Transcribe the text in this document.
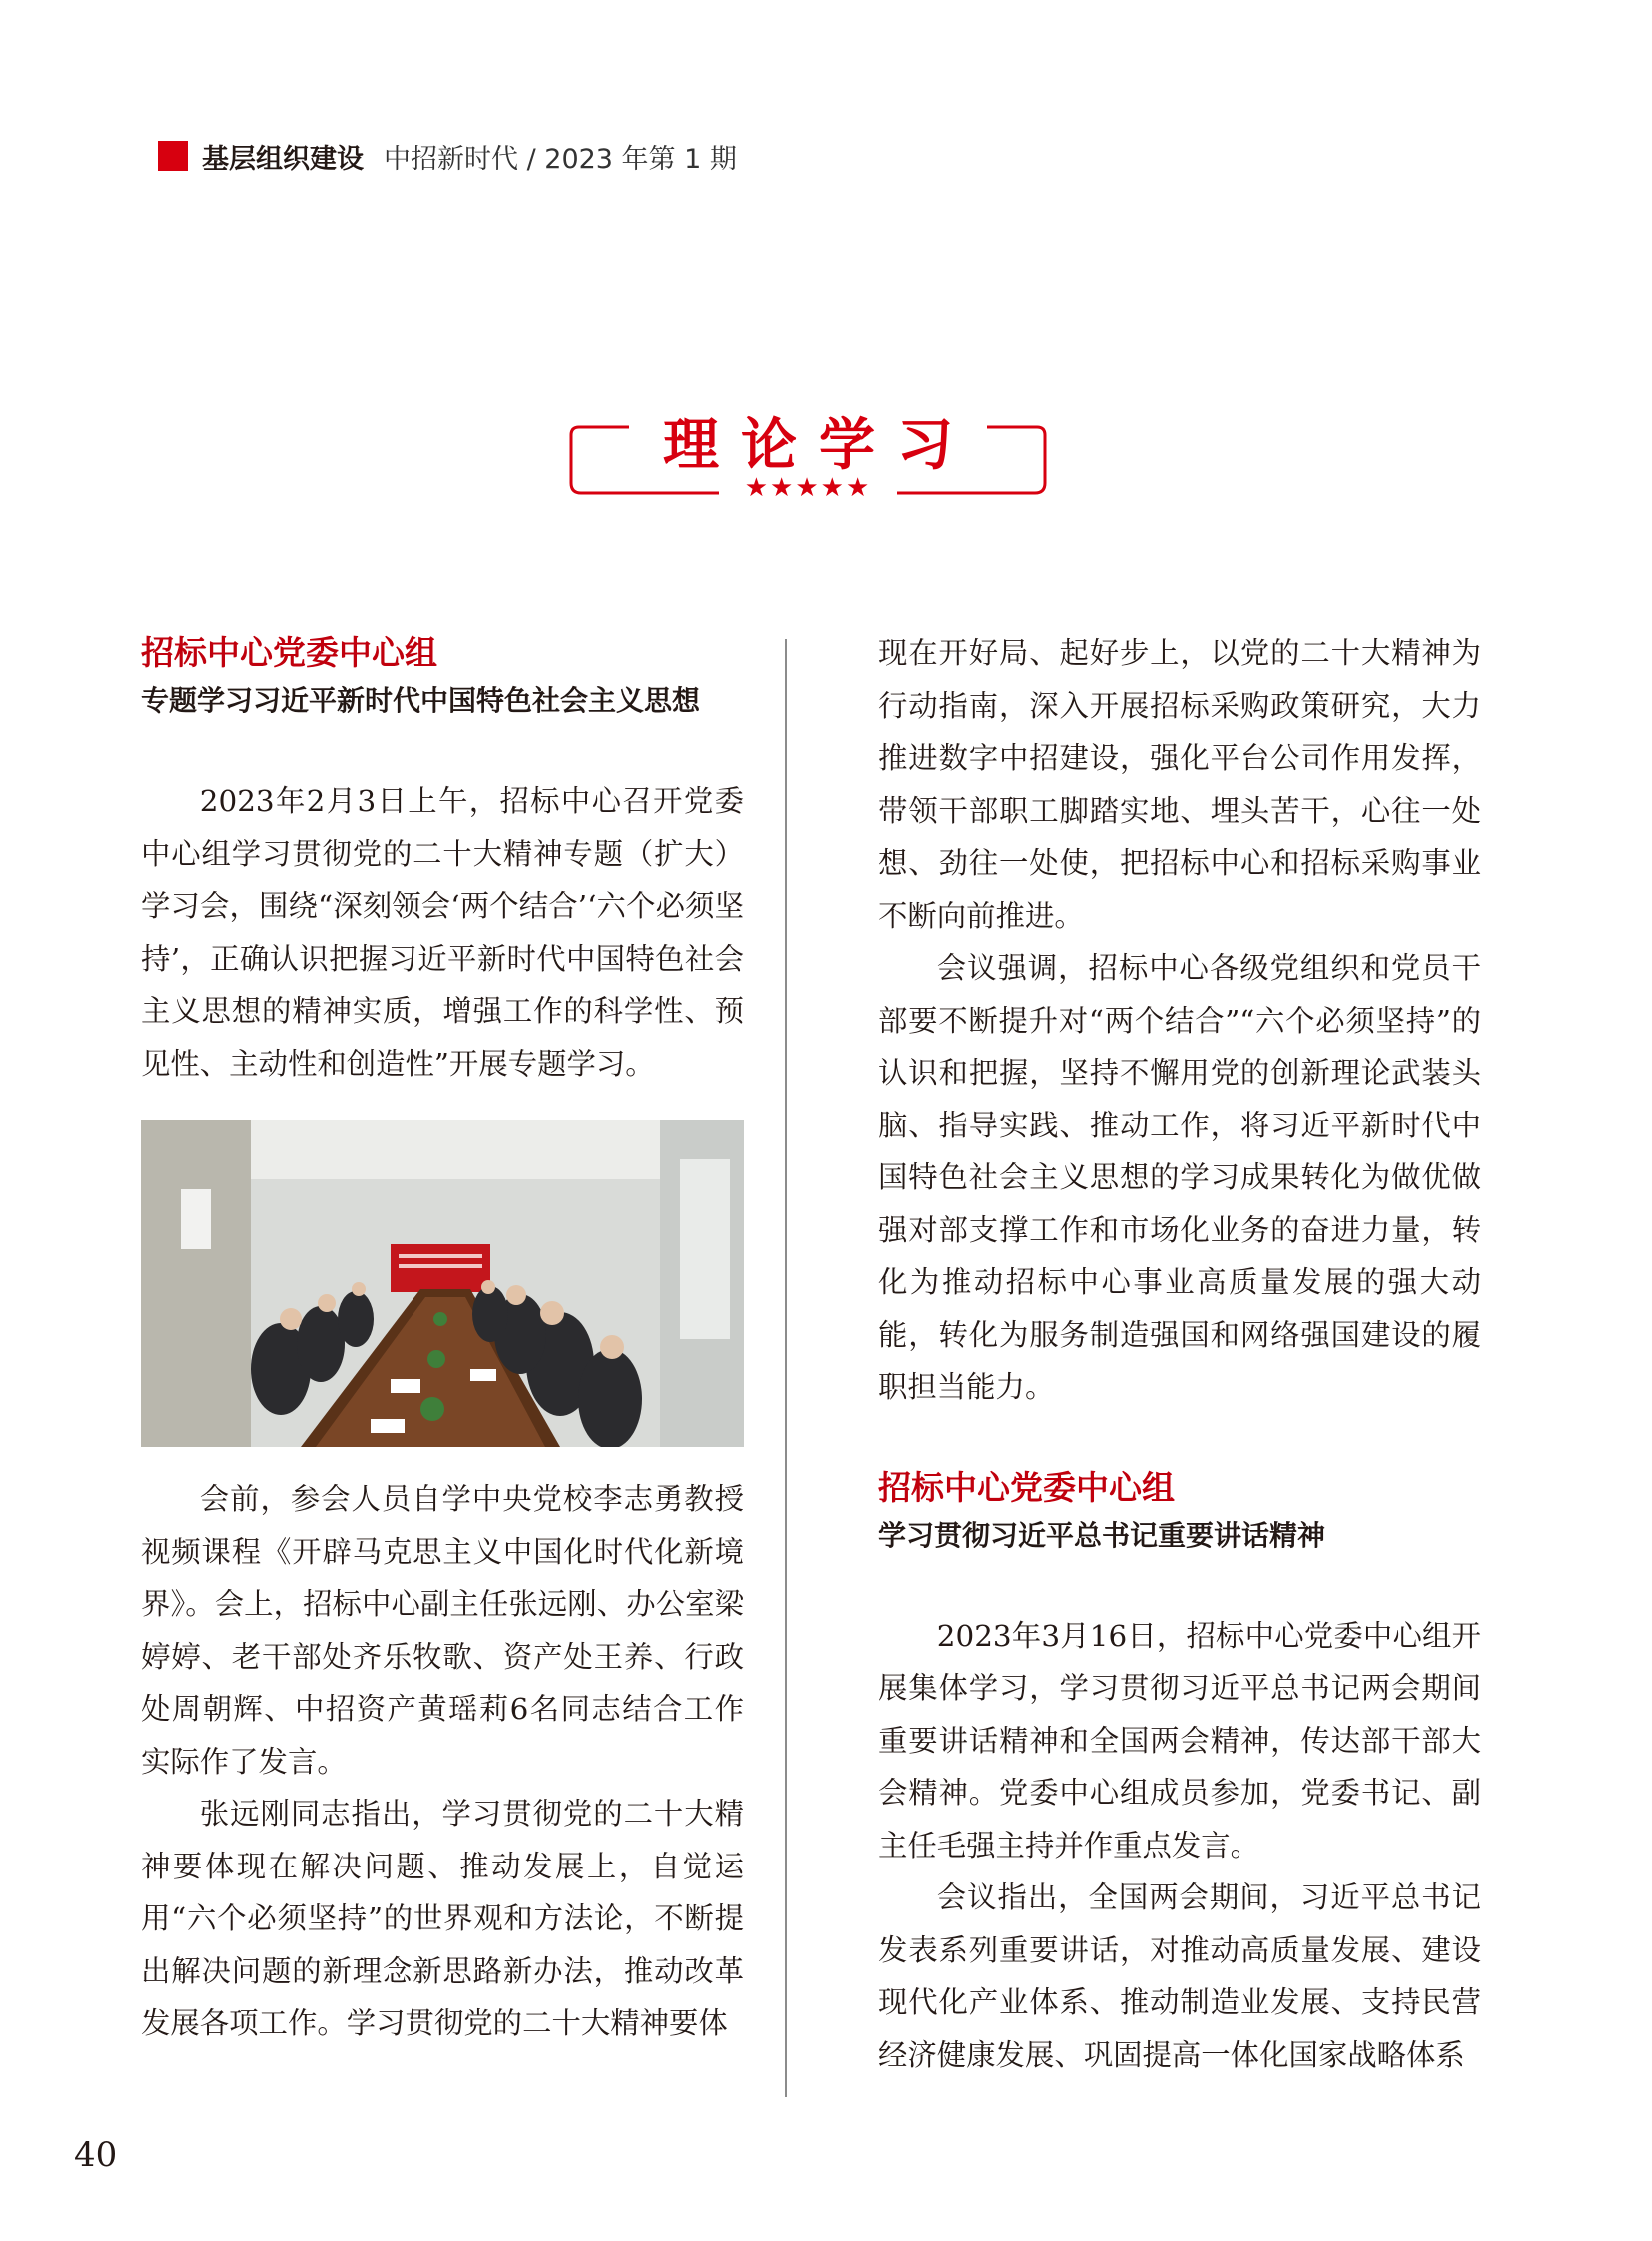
基层组织建设 中招新时代 / 2023 年第 1 期
理论学习
★★★★★
招标中心党委中心组
专题学习习近平新时代中国特色社会主义思想

2023年2月3日上午，招标中心召开党委中心组学习贯彻党的二十大精神专题（扩大）学习会，围绕“深刻领会‘两个结合’‘六个必须坚持’，正确认识把握习近平新时代中国特色社会主义思想的精神实质，增强工作的科学性、预见性、主动性和创造性”开展专题学习。

会前，参会人员自学中央党校李志勇教授视频课程《开辟马克思主义中国化时代化新境界》。会上，招标中心副主任张远刚、办公室梁婷婷、老干部处齐乐牧歌、资产处王养、行政处周朝辉、中招资产黄瑶莉6名同志结合工作实际作了发言。

张远刚同志指出，学习贯彻党的二十大精神要体现在解决问题、推动发展上，自觉运用“六个必须坚持”的世界观和方法论，不断提出解决问题的新理念新思路新办法，推动改革发展各项工作。学习贯彻党的二十大精神要体

现在开好局、起好步上，以党的二十大精神为行动指南，深入开展招标采购政策研究，大力推进数字中招建设，强化平台公司作用发挥，带领干部职工脚踏实地、埋头苦干，心往一处想、劲往一处使，把招标中心和招标采购事业不断向前推进。

会议强调，招标中心各级党组织和党员干部要不断提升对“两个结合”“六个必须坚持”的认识和把握，坚持不懈用党的创新理论武装头脑、指导实践、推动工作，将习近平新时代中国特色社会主义思想的学习成果转化为做优做强对部支撑工作和市场化业务的奋进力量，转化为推动招标中心事业高质量发展的强大动能，转化为服务制造强国和网络强国建设的履职担当能力。

招标中心党委中心组
学习贯彻习近平总书记重要讲话精神

2023年3月16日，招标中心党委中心组开展集体学习，学习贯彻习近平总书记两会期间重要讲话精神和全国两会精神，传达部干部大会精神。党委中心组成员参加，党委书记、副主任毛强主持并作重点发言。

会议指出，全国两会期间，习近平总书记发表系列重要讲话，对推动高质量发展、建设现代化产业体系、推动制造业发展、支持民营经济健康发展、巩固提高一体化国家战略体系

40
